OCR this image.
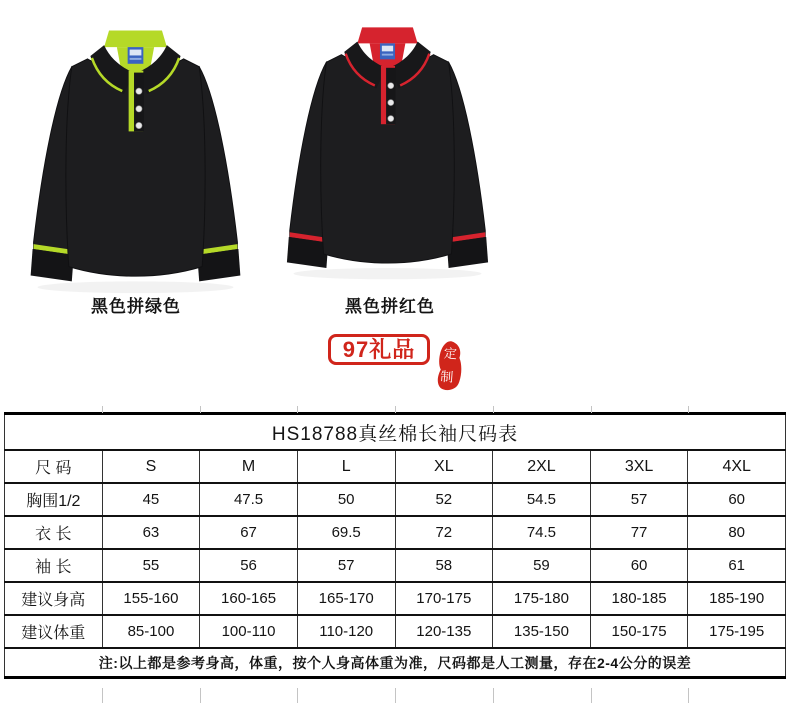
黑色拼绿色	黑色拼红色
97礼品	定
制
HS18788真丝棉长袖尺码表							
尺 码	S	M	L	XL	2XL	3XL	4XL
胸围1/2	45	47.5	50	52	54.5	57	60
衣 长	63	67	69.5	72	74.5	77	80
袖 长	55	56	57	58	59	60	61
建议身高	155-160	160-165	165-170	170-175	175-180	180-185	185-190
建议体重	85-100	100-110	110-120	120-135	135-150	150-175	175-195
注:以上都是参考身高，体重，按个人身高体重为准，尺码都是人工测量，存在2-4公分的误差							
